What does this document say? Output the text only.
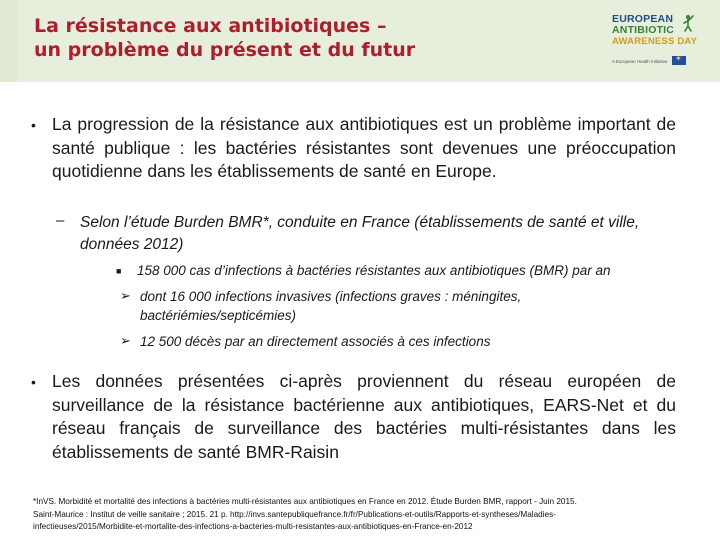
La résistance aux antibiotiques –
un problème du présent et du futur
EUROPEAN
ANTIBIOTIC
AWARENESS DAY
A European Health Initiative
✶
• La progression de la résistance aux antibiotiques est un problème important de santé publique : les bactéries résistantes sont devenues une préoccupation quotidienne dans les établissements de santé en Europe.
– Selon l’étude Burden BMR*, conduite en France (établissements de santé et ville, données 2012)
■ 158 000 cas d’infections à bactéries résistantes aux antibiotiques (BMR) par an
➢ dont 16 000 infections invasives (infections graves : méningites, bactériémies/septicémies)
➢ 12 500 décès par an directement associés à ces infections
• Les données présentées ci-après proviennent du réseau européen de surveillance de la résistance bactérienne aux antibiotiques, EARS-Net et du réseau français de surveillance des bactéries multi-résistantes dans les établissements de santé BMR-Raisin
*InVS. Morbidité et mortalité des infections à bactéries multi-résistantes aux antibiotiques en France en 2012. Étude Burden BMR, rapport - Juin 2015.
Saint-Maurice : Institut de veille sanitaire ; 2015. 21 p. http://invs.santepubliquefrance.fr/fr/Publications-et-outils/Rapports-et-syntheses/Maladies-
infectieuses/2015/Morbidite-et-mortalite-des-infections-a-bacteries-multi-resistantes-aux-antibiotiques-en-France-en-2012
